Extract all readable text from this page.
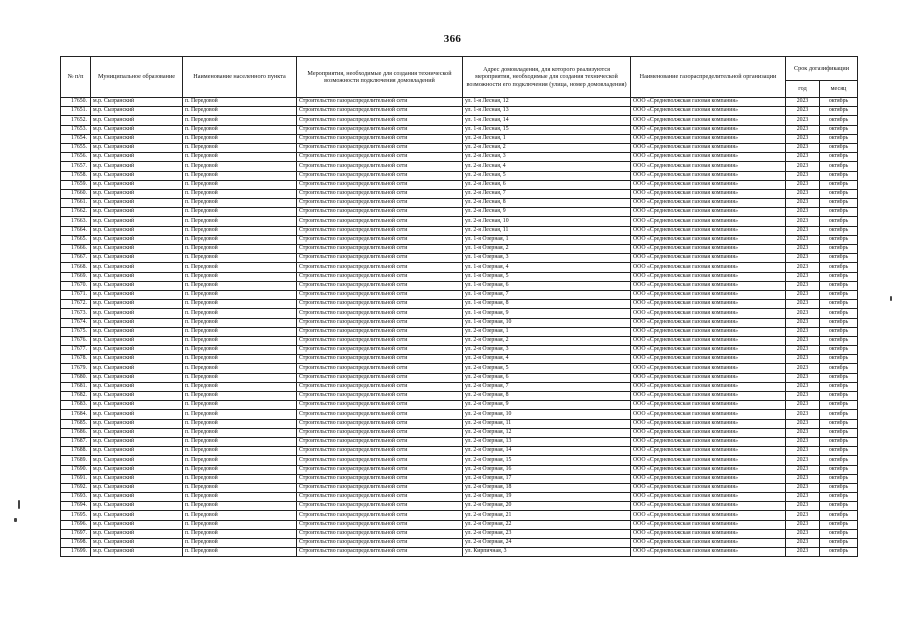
366
№ п/п	Муниципальное образование	Наименование населенного пункта	Мероприятия, необходимые для создания технической возможности подключения домовладений	Адрес домовладения, для которого реализуются мероприятия, необходимые для создания технической возможности его подключения (улица, номер домовладения)	Наименование газораспределительной организации	Срок догазификации	
						год	месяц
17650.	м.р. Сызранский	п. Передовой	Строительство газораспределительной сети	ул. 1-я Лесная, 12	ООО «Средневолжская газовая компания»	2023	октябрь
17651.	м.р. Сызранский	п. Передовой	Строительство газораспределительной сети	ул. 1-я Лесная, 13	ООО «Средневолжская газовая компания»	2023	октябрь
17652.	м.р. Сызранский	п. Передовой	Строительство газораспределительной сети	ул. 1-я Лесная, 14	ООО «Средневолжская газовая компания»	2023	октябрь
17653.	м.р. Сызранский	п. Передовой	Строительство газораспределительной сети	ул. 1-я Лесная, 15	ООО «Средневолжская газовая компания»	2023	октябрь
17654.	м.р. Сызранский	п. Передовой	Строительство газораспределительной сети	ул. 2-я Лесная, 1	ООО «Средневолжская газовая компания»	2023	октябрь
17655.	м.р. Сызранский	п. Передовой	Строительство газораспределительной сети	ул. 2-я Лесная, 2	ООО «Средневолжская газовая компания»	2023	октябрь
17656.	м.р. Сызранский	п. Передовой	Строительство газораспределительной сети	ул. 2-я Лесная, 3	ООО «Средневолжская газовая компания»	2023	октябрь
17657.	м.р. Сызранский	п. Передовой	Строительство газораспределительной сети	ул. 2-я Лесная, 4	ООО «Средневолжская газовая компания»	2023	октябрь
17658.	м.р. Сызранский	п. Передовой	Строительство газораспределительной сети	ул. 2-я Лесная, 5	ООО «Средневолжская газовая компания»	2023	октябрь
17659.	м.р. Сызранский	п. Передовой	Строительство газораспределительной сети	ул. 2-я Лесная, 6	ООО «Средневолжская газовая компания»	2023	октябрь
17660.	м.р. Сызранский	п. Передовой	Строительство газораспределительной сети	ул. 2-я Лесная, 7	ООО «Средневолжская газовая компания»	2023	октябрь
17661.	м.р. Сызранский	п. Передовой	Строительство газораспределительной сети	ул. 2-я Лесная, 8	ООО «Средневолжская газовая компания»	2023	октябрь
17662.	м.р. Сызранский	п. Передовой	Строительство газораспределительной сети	ул. 2-я Лесная, 9	ООО «Средневолжская газовая компания»	2023	октябрь
17663.	м.р. Сызранский	п. Передовой	Строительство газораспределительной сети	ул. 2-я Лесная, 10	ООО «Средневолжская газовая компания»	2023	октябрь
17664.	м.р. Сызранский	п. Передовой	Строительство газораспределительной сети	ул. 2-я Лесная, 11	ООО «Средневолжская газовая компания»	2023	октябрь
17665.	м.р. Сызранский	п. Передовой	Строительство газораспределительной сети	ул. 1-я Озерная, 1	ООО «Средневолжская газовая компания»	2023	октябрь
17666.	м.р. Сызранский	п. Передовой	Строительство газораспределительной сети	ул. 1-я Озерная, 2	ООО «Средневолжская газовая компания»	2023	октябрь
17667.	м.р. Сызранский	п. Передовой	Строительство газораспределительной сети	ул. 1-я Озерная, 3	ООО «Средневолжская газовая компания»	2023	октябрь
17668.	м.р. Сызранский	п. Передовой	Строительство газораспределительной сети	ул. 1-я Озерная, 4	ООО «Средневолжская газовая компания»	2023	октябрь
17669.	м.р. Сызранский	п. Передовой	Строительство газораспределительной сети	ул. 1-я Озерная, 5	ООО «Средневолжская газовая компания»	2023	октябрь
17670.	м.р. Сызранский	п. Передовой	Строительство газораспределительной сети	ул. 1-я Озерная, 6	ООО «Средневолжская газовая компания»	2023	октябрь
17671.	м.р. Сызранский	п. Передовой	Строительство газораспределительной сети	ул. 1-я Озерная, 7	ООО «Средневолжская газовая компания»	2023	октябрь
17672.	м.р. Сызранский	п. Передовой	Строительство газораспределительной сети	ул. 1-я Озерная, 8	ООО «Средневолжская газовая компания»	2023	октябрь
17673.	м.р. Сызранский	п. Передовой	Строительство газораспределительной сети	ул. 1-я Озерная, 9	ООО «Средневолжская газовая компания»	2023	октябрь
17674.	м.р. Сызранский	п. Передовой	Строительство газораспределительной сети	ул. 1-я Озерная, 10	ООО «Средневолжская газовая компания»	2023	октябрь
17675.	м.р. Сызранский	п. Передовой	Строительство газораспределительной сети	ул. 2-я Озерная, 1	ООО «Средневолжская газовая компания»	2023	октябрь
17676.	м.р. Сызранский	п. Передовой	Строительство газораспределительной сети	ул. 2-я Озерная, 2	ООО «Средневолжская газовая компания»	2023	октябрь
17677.	м.р. Сызранский	п. Передовой	Строительство газораспределительной сети	ул. 2-я Озерная, 3	ООО «Средневолжская газовая компания»	2023	октябрь
17678.	м.р. Сызранский	п. Передовой	Строительство газораспределительной сети	ул. 2-я Озерная, 4	ООО «Средневолжская газовая компания»	2023	октябрь
17679.	м.р. Сызранский	п. Передовой	Строительство газораспределительной сети	ул. 2-я Озерная, 5	ООО «Средневолжская газовая компания»	2023	октябрь
17680.	м.р. Сызранский	п. Передовой	Строительство газораспределительной сети	ул. 2-я Озерная, 6	ООО «Средневолжская газовая компания»	2023	октябрь
17681.	м.р. Сызранский	п. Передовой	Строительство газораспределительной сети	ул. 2-я Озерная, 7	ООО «Средневолжская газовая компания»	2023	октябрь
17682.	м.р. Сызранский	п. Передовой	Строительство газораспределительной сети	ул. 2-я Озерная, 8	ООО «Средневолжская газовая компания»	2023	октябрь
17683.	м.р. Сызранский	п. Передовой	Строительство газораспределительной сети	ул. 2-я Озерная, 9	ООО «Средневолжская газовая компания»	2023	октябрь
17684.	м.р. Сызранский	п. Передовой	Строительство газораспределительной сети	ул. 2-я Озерная, 10	ООО «Средневолжская газовая компания»	2023	октябрь
17685.	м.р. Сызранский	п. Передовой	Строительство газораспределительной сети	ул. 2-я Озерная, 11	ООО «Средневолжская газовая компания»	2023	октябрь
17686.	м.р. Сызранский	п. Передовой	Строительство газораспределительной сети	ул. 2-я Озерная, 12	ООО «Средневолжская газовая компания»	2023	октябрь
17687.	м.р. Сызранский	п. Передовой	Строительство газораспределительной сети	ул. 2-я Озерная, 13	ООО «Средневолжская газовая компания»	2023	октябрь
17688.	м.р. Сызранский	п. Передовой	Строительство газораспределительной сети	ул. 2-я Озерная, 14	ООО «Средневолжская газовая компания»	2023	октябрь
17689.	м.р. Сызранский	п. Передовой	Строительство газораспределительной сети	ул. 2-я Озерная, 15	ООО «Средневолжская газовая компания»	2023	октябрь
17690.	м.р. Сызранский	п. Передовой	Строительство газораспределительной сети	ул. 2-я Озерная, 16	ООО «Средневолжская газовая компания»	2023	октябрь
17691.	м.р. Сызранский	п. Передовой	Строительство газораспределительной сети	ул. 2-я Озерная, 17	ООО «Средневолжская газовая компания»	2023	октябрь
17692.	м.р. Сызранский	п. Передовой	Строительство газораспределительной сети	ул. 2-я Озерная, 18	ООО «Средневолжская газовая компания»	2023	октябрь
17693.	м.р. Сызранский	п. Передовой	Строительство газораспределительной сети	ул. 2-я Озерная, 19	ООО «Средневолжская газовая компания»	2023	октябрь
17694.	м.р. Сызранский	п. Передовой	Строительство газораспределительной сети	ул. 2-я Озерная, 20	ООО «Средневолжская газовая компания»	2023	октябрь
17695.	м.р. Сызранский	п. Передовой	Строительство газораспределительной сети	ул. 2-я Озерная, 21	ООО «Средневолжская газовая компания»	2023	октябрь
17696.	м.р. Сызранский	п. Передовой	Строительство газораспределительной сети	ул. 2-я Озерная, 22	ООО «Средневолжская газовая компания»	2023	октябрь
17697.	м.р. Сызранский	п. Передовой	Строительство газораспределительной сети	ул. 2-я Озерная, 23	ООО «Средневолжская газовая компания»	2023	октябрь
17698.	м.р. Сызранский	п. Передовой	Строительство газораспределительной сети	ул. 2-я Озерная, 24	ООО «Средневолжская газовая компания»	2023	октябрь
17699.	м.р. Сызранский	п. Передовой	Строительство газораспределительной сети	ул. Кирпичная, 3	ООО «Средневолжская газовая компания»	2023	октябрь
